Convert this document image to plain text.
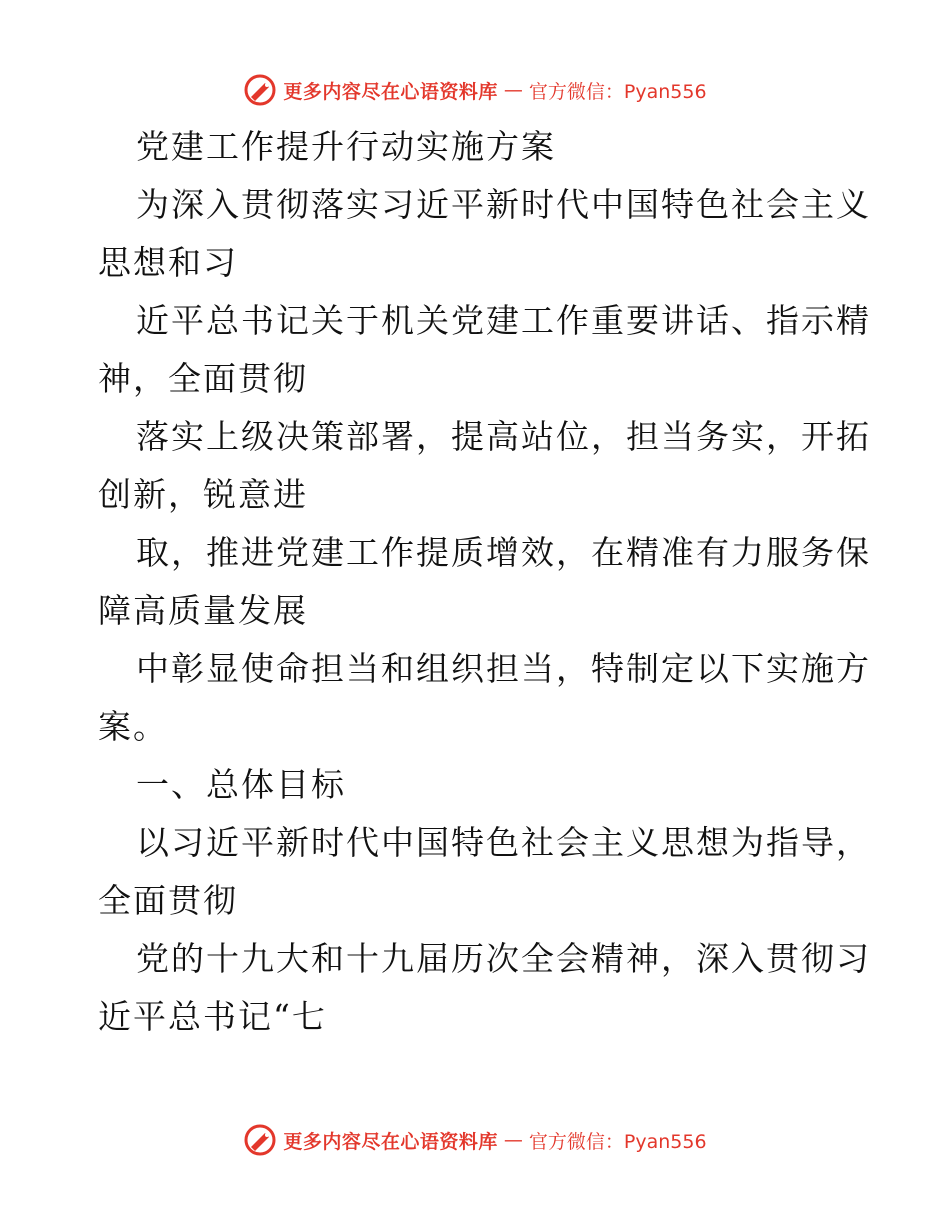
更多内容尽在心语资料库 — 官方微信：Pyan556
党建工作提升行动实施方案
为深入贯彻落实习近平新时代中国特色社会主义
思想和习
近平总书记关于机关党建工作重要讲话、指示精
神，全面贯彻
落实上级决策部署，提高站位，担当务实，开拓
创新，锐意进
取，推进党建工作提质增效，在精准有力服务保
障高质量发展
中彰显使命担当和组织担当，特制定以下实施方
案。
一、总体目标
以习近平新时代中国特色社会主义思想为指导，
全面贯彻
党的十九大和十九届历次全会精神，深入贯彻习
近平总书记“七
更多内容尽在心语资料库 — 官方微信：Pyan556
